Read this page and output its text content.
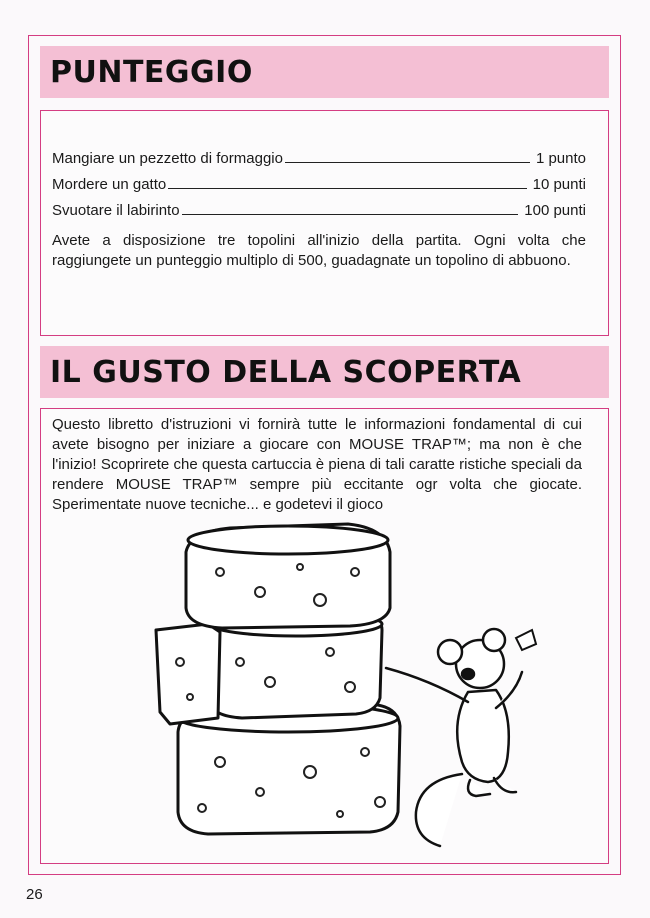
PUNTEGGIO
Mangiare un pezzetto di formaggio	1 punto
Mordere un gatto	10 punti
Svuotare il labirinto	100 punti

Avete a disposizione tre topolini all'inizio della partita. Ogni volta che raggiungete un punteggio multiplo di 500, guadagnate un topolino di abbuono.

IL GUSTO DELLA SCOPERTA

Questo libretto d'istruzioni vi fornirà tutte le informazioni fondamental di cui avete bisogno per iniziare a giocare con MOUSE TRAP™; ma non è che l'inizio! Scoprirete che questa cartuccia è piena di tali caratte ristiche speciali da rendere MOUSE TRAP™ sempre più eccitante ogr volta che giocate. Sperimentate nuove tecniche... e godetevi il gioco

26
